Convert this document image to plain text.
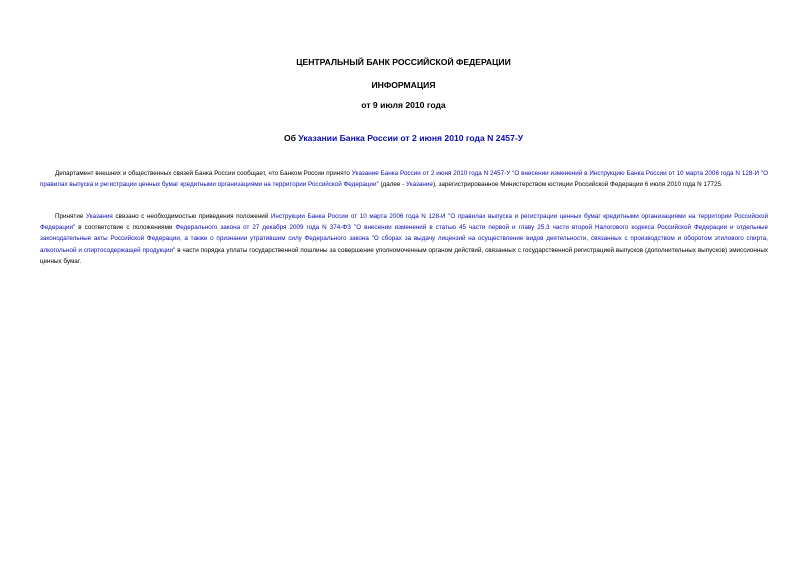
ЦЕНТРАЛЬНЫЙ БАНК РОССИЙСКОЙ ФЕДЕРАЦИИ
ИНФОРМАЦИЯ
от 9 июля 2010 года
Об Указании Банка России от 2 июня 2010 года N 2457-У

Департамент внешних и общественных связей Банка России сообщает, что Банком России принято Указание Банка России от 2 июня 2010 года N 2457-У "О внесении изменений в Инструкцию Банка России от 10 марта 2006 года N 128-И "О правилах выпуска и регистрации ценных бумаг кредитными организациями на территории Российской Федерации" (далее - Указание), зарегистрированное Министерством юстиции Российской Федерации 6 июля 2010 года N 17725.

Принятие Указания связано с необходимостью приведения положений Инструкции Банка России от 10 марта 2006 года N 128-И "О правилах выпуска и регистрации ценных бумаг кредитными организациями на территории Российской Федерации" в соответствие с положениями Федерального закона от 27 декабря 2009 года N 374-ФЗ "О внесении изменений в статью 45 части первой и главу 25.3 части второй Налогового кодекса Российской Федерации и отдельные законодательные акты Российской Федерации, а также о признании утратившим силу Федерального закона "О сборах за выдачу лицензий на осуществление видов деятельности, связанных с производством и оборотом этилового спирта, алкогольной и спиртосодержащей продукции" в части порядка уплаты государственной пошлины за совершение уполномоченным органом действий, связанных с государственной регистрацией выпусков (дополнительных выпусков) эмиссионных ценных бумаг.
